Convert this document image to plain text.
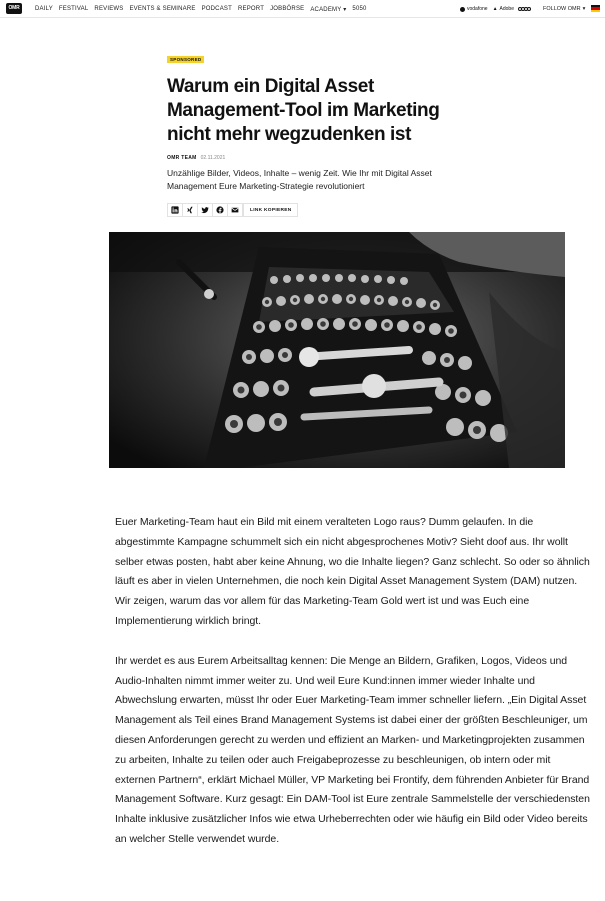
OMR	DAILY FESTIVAL REVIEWS EVENTS & SEMINARE PODCAST REPORT JOBBÖRSE ACADEMY ▾ 5050	vodafone ▲ Adobe	FOLLOW OMR ▾
SPONSORED
Warum ein Digital Asset Management-Tool im Marketing nicht mehr wegzudenken ist
OMR TEAM 02.11.2021

Unzählige Bilder, Videos, Inhalte – wenig Zeit. Wie Ihr mit Digital Asset Management Eure Marketing-Strategie revolutioniert

LINK KOPIEREN

Euer Marketing-Team haut ein Bild mit einem veralteten Logo raus? Dumm gelaufen. In die abgestimmte Kampagne schummelt sich ein nicht abgesprochenes Motiv? Sieht doof aus. Ihr wollt selber etwas posten, habt aber keine Ahnung, wo die Inhalte liegen? Ganz schlecht. So oder so ähnlich läuft es aber in vielen Unternehmen, die noch kein Digital Asset Management System (DAM) nutzen. Wir zeigen, warum das vor allem für das Marketing-Team Gold wert ist und was Euch eine Implementierung wirklich bringt.

Ihr werdet es aus Eurem Arbeitsalltag kennen: Die Menge an Bildern, Grafiken, Logos, Videos und Audio-Inhalten nimmt immer weiter zu. Und weil Eure Kund:innen immer wieder Inhalte und Abwechslung erwarten, müsst Ihr oder Euer Marketing-Team immer schneller liefern. „Ein Digital Asset Management als Teil eines Brand Management Systems ist dabei einer der größten Beschleuniger, um diesen Anforderungen gerecht zu werden und effizient an Marken- und Marketingprojekten zusammen zu arbeiten, Inhalte zu teilen oder auch Freigabeprozesse zu beschleunigen, ob intern oder mit externen Partnern“, erklärt Michael Müller, VP Marketing bei Frontify, dem führenden Anbieter für Brand Management Software. Kurz gesagt: Ein DAM-Tool ist Eure zentrale Sammelstelle der verschiedensten Inhalte inklusive zusätzlicher Infos wie etwa Urheberrechten oder wie häufig ein Bild oder Video bereits an welcher Stelle verwendet wurde.
